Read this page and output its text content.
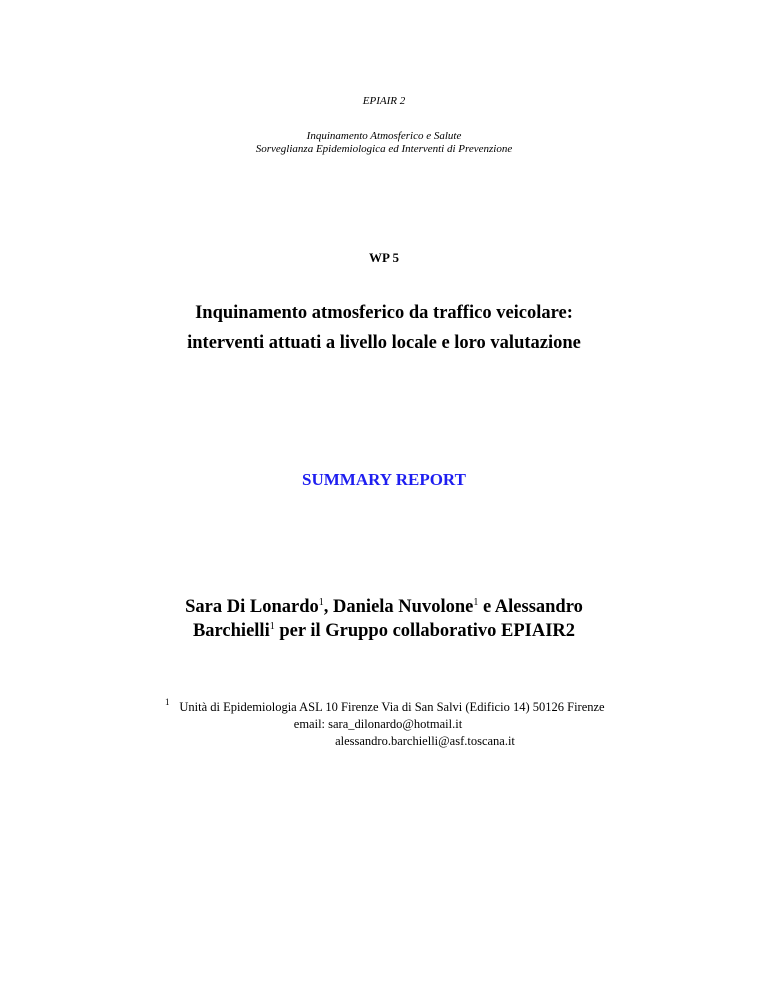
EPIAIR 2
Inquinamento Atmosferico e Salute
Sorveglianza Epidemiologica ed Interventi di Prevenzione
WP 5
Inquinamento atmosferico da traffico veicolare:
interventi attuati a livello locale e loro valutazione
SUMMARY REPORT
Sara Di Lonardo$^1$, Daniela Nuvolone$^1$ e Alessandro
Barchielli$^1$ per il Gruppo collaborativo EPIAIR2
1 Unità di Epidemiologia ASL 10 Firenze Via di San Salvi (Edificio 14) 50126 Firenze
email: sara_dilonardo@hotmail.it
alessandro.barchielli@asf.toscana.it
